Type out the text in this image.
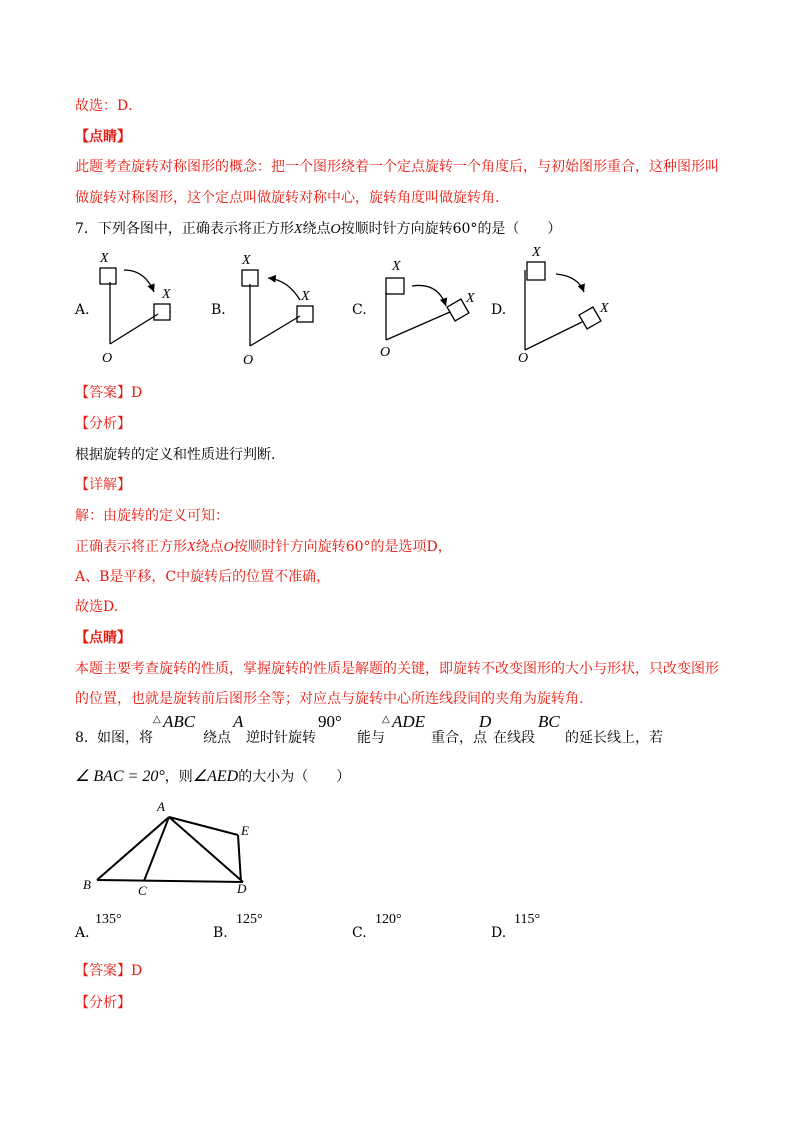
故选：D．
【点睛】
此题考查旋转对称图形的概念：把一个图形绕着一个定点旋转一个角度后，与初始图形重合，这种图形叫
做旋转对称图形，这个定点叫做旋转对称中心，旋转角度叫做旋转角.
7．下列各图中，正确表示将正方形X绕点O按顺时针方向旋转60°的是（　　）
A.	B.	C.	D.
X
X
O
X
X
O
X
X
O
X
X
O
【答案】D
【分析】
根据旋转的定义和性质进行判断.
【详解】
解：由旋转的定义可知：
正确表示将正方形X绕点O按顺时针方向旋转60°的是选项D，
A、B是平移，C中旋转后的位置不准确，
故选D.
【点睛】
本题主要考查旋转的性质，掌握旋转的性质是解题的关键，即旋转不改变图形的大小与形状，只改变图形
的位置，也就是旋转前后图形全等；对应点与旋转中心所连线段间的夹角为旋转角.
8． 如图，将
△ ABC
绕点
A
逆时针旋转
90°
能与
△ ADE
重合，点
D
在线段
BC
的延长线上，若
∠ BAC = 20°，则∠AED的大小为（　　）
A
B	C	D
E
A.
135°
B.
125°
C.
120°
D.
115°
【答案】D
【分析】
